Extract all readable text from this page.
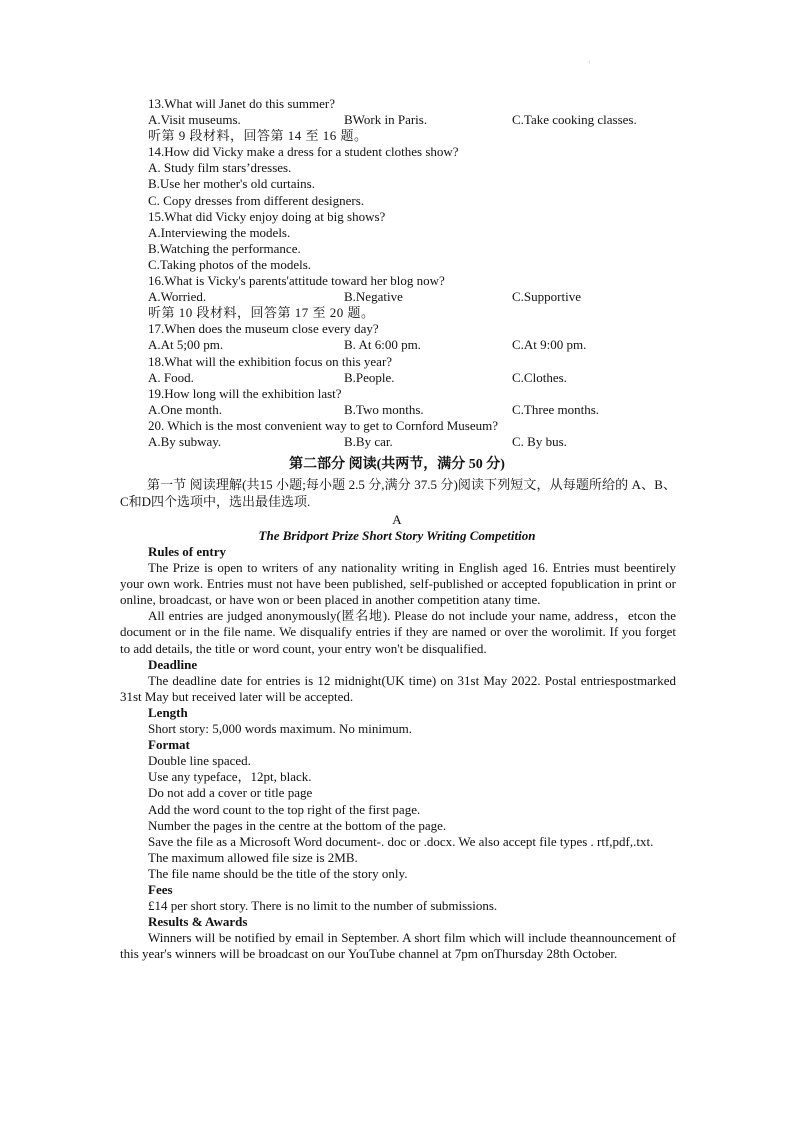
·
13.What will Janet do this summer?
A.Visit museums.	BWork in Paris.	C.Take cooking classes.
听第 9 段材料，回答第 14 至 16 题。
14.How did Vicky make a dress for a student clothes show?
A. Study film stars’dresses.
B.Use her mother's old curtains.
C. Copy dresses from different designers.
15.What did Vicky enjoy doing at big shows?
A.Interviewing the models.
B.Watching the performance.
C.Taking photos of the models.
16.What is Vicky's parents'attitude toward her blog now?
A.Worried.	B.Negative	C.Supportive
听第 10 段材料，回答第 17 至 20 题。
17.When does the museum close every day?
A.At 5;00 pm.	B. At 6:00 pm.	C.At 9:00 pm.
18.What will the exhibition focus on this year?
A. Food.	B.People.	C.Clothes.
19.How long will the exhibition last?
A.One month.	B.Two months.	C.Three months.
20. Which is the most convenient way to get to Cornford Museum?
A.By subway.	B.By car.	C. By bus.
第二部分 阅读(共两节，满分 50 分)
第一节 阅读理解(共15 小题;每小题 2.5 分,满分 37.5 分)阅读下列短文，从每题所给的 A、B、C和D四个选项中，选出最佳选项.
A
The Bridport Prize Short Story Writing Competition

Rules of entry

The Prize is open to writers of any nationality writing in English aged 16. Entries must beentirely your own work. Entries must not have been published, self-published or accepted fopublication in print or online, broadcast, or have won or been placed in another competition atany time.

All entries are judged anonymously(匿名地). Please do not include your name, address，etcon the document or in the file name. We disqualify entries if they are named or over the worolimit. If you forget to add details, the title or word count, your entry won't be disqualified.

Deadline

The deadline date for entries is 12 midnight(UK time) on 31st May 2022. Postal entriespostmarked 31st May but received later will be accepted.

Length

Short story: 5,000 words maximum. No minimum.

Format

Double line spaced.

Use any typeface，12pt, black.

Do not add a cover or title page

Add the word count to the top right of the first page.

Number the pages in the centre at the bottom of the page.

Save the file as a Microsoft Word document-. doc or .docx. We also accept file types . rtf,pdf,.txt.

The maximum allowed file size is 2MB.

The file name should be the title of the story only.

Fees

£14 per short story. There is no limit to the number of submissions.

Results & Awards

Winners will be notified by email in September. A short film which will include theannouncement of this year's winners will be broadcast on our YouTube channel at 7pm onThursday 28th October.
